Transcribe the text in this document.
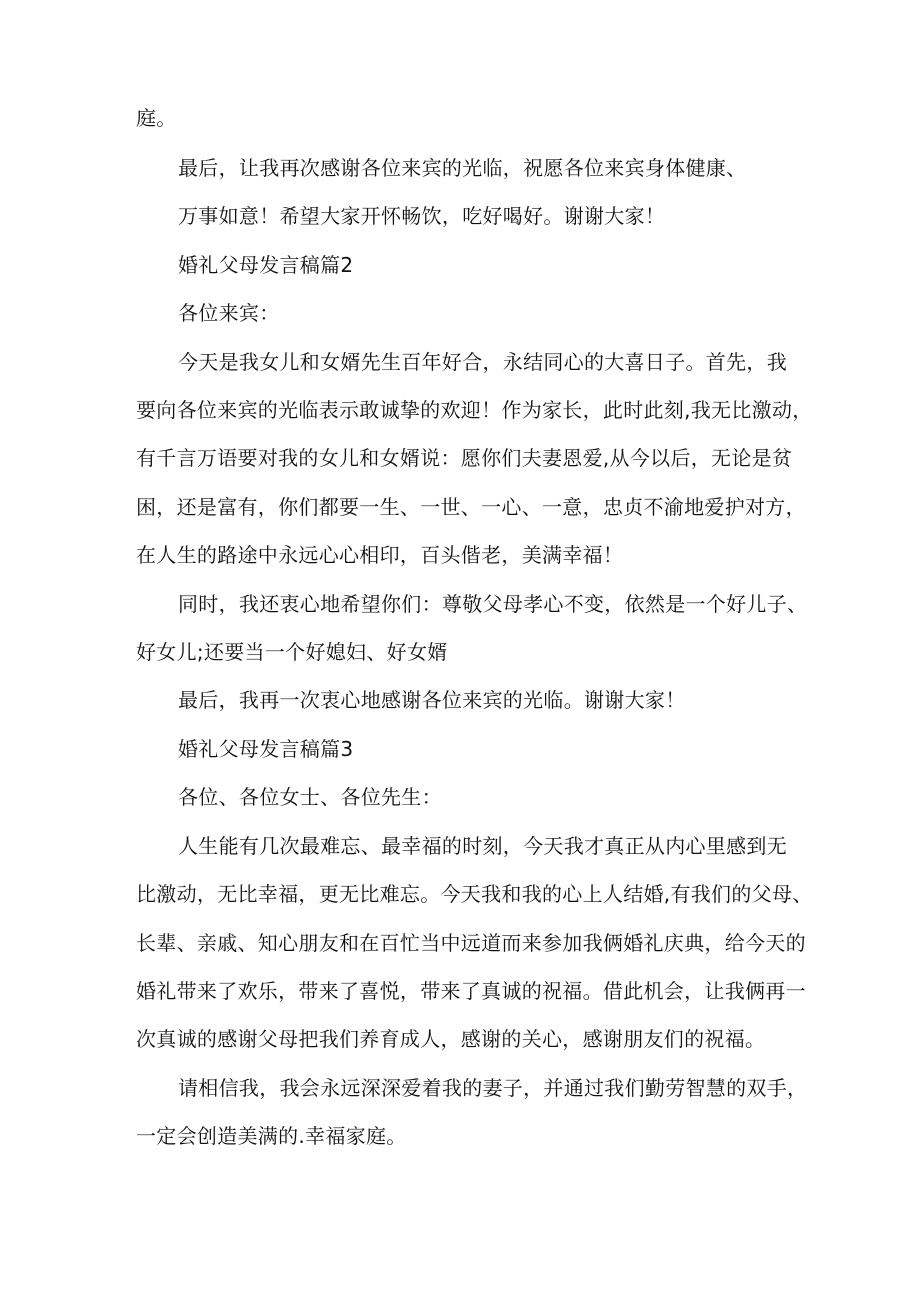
庭。
最后，让我再次感谢各位来宾的光临，祝愿各位来宾身体健康、
万事如意！希望大家开怀畅饮，吃好喝好。谢谢大家！
婚礼父母发言稿篇2
各位来宾：
今天是我女儿和女婿先生百年好合，永结同心的大喜日子。首先，我
要向各位来宾的光临表示敢诚挚的欢迎！作为家长，此时此刻,我无比激动，
有千言万语要对我的女儿和女婿说：愿你们夫妻恩爱,从今以后，无论是贫
困，还是富有，你们都要一生、一世、一心、一意，忠贞不渝地爱护对方，
在人生的路途中永远心心相印，百头偕老，美满幸福！
同时，我还衷心地希望你们：尊敬父母孝心不变，依然是一个好儿子、
好女儿;还要当一个好媳妇、好女婿
最后，我再一次衷心地感谢各位来宾的光临。谢谢大家！
婚礼父母发言稿篇3
各位、各位女士、各位先生：
人生能有几次最难忘、最幸福的时刻，今天我才真正从内心里感到无
比激动，无比幸福，更无比难忘。今天我和我的心上人结婚,有我们的父母、
长辈、亲戚、知心朋友和在百忙当中远道而来参加我俩婚礼庆典，给今天的
婚礼带来了欢乐，带来了喜悦，带来了真诚的祝福。借此机会，让我俩再一
次真诚的感谢父母把我们养育成人，感谢的关心，感谢朋友们的祝福。
请相信我，我会永远深深爱着我的妻子，并通过我们勤劳智慧的双手，
一定会创造美满的.幸福家庭。
